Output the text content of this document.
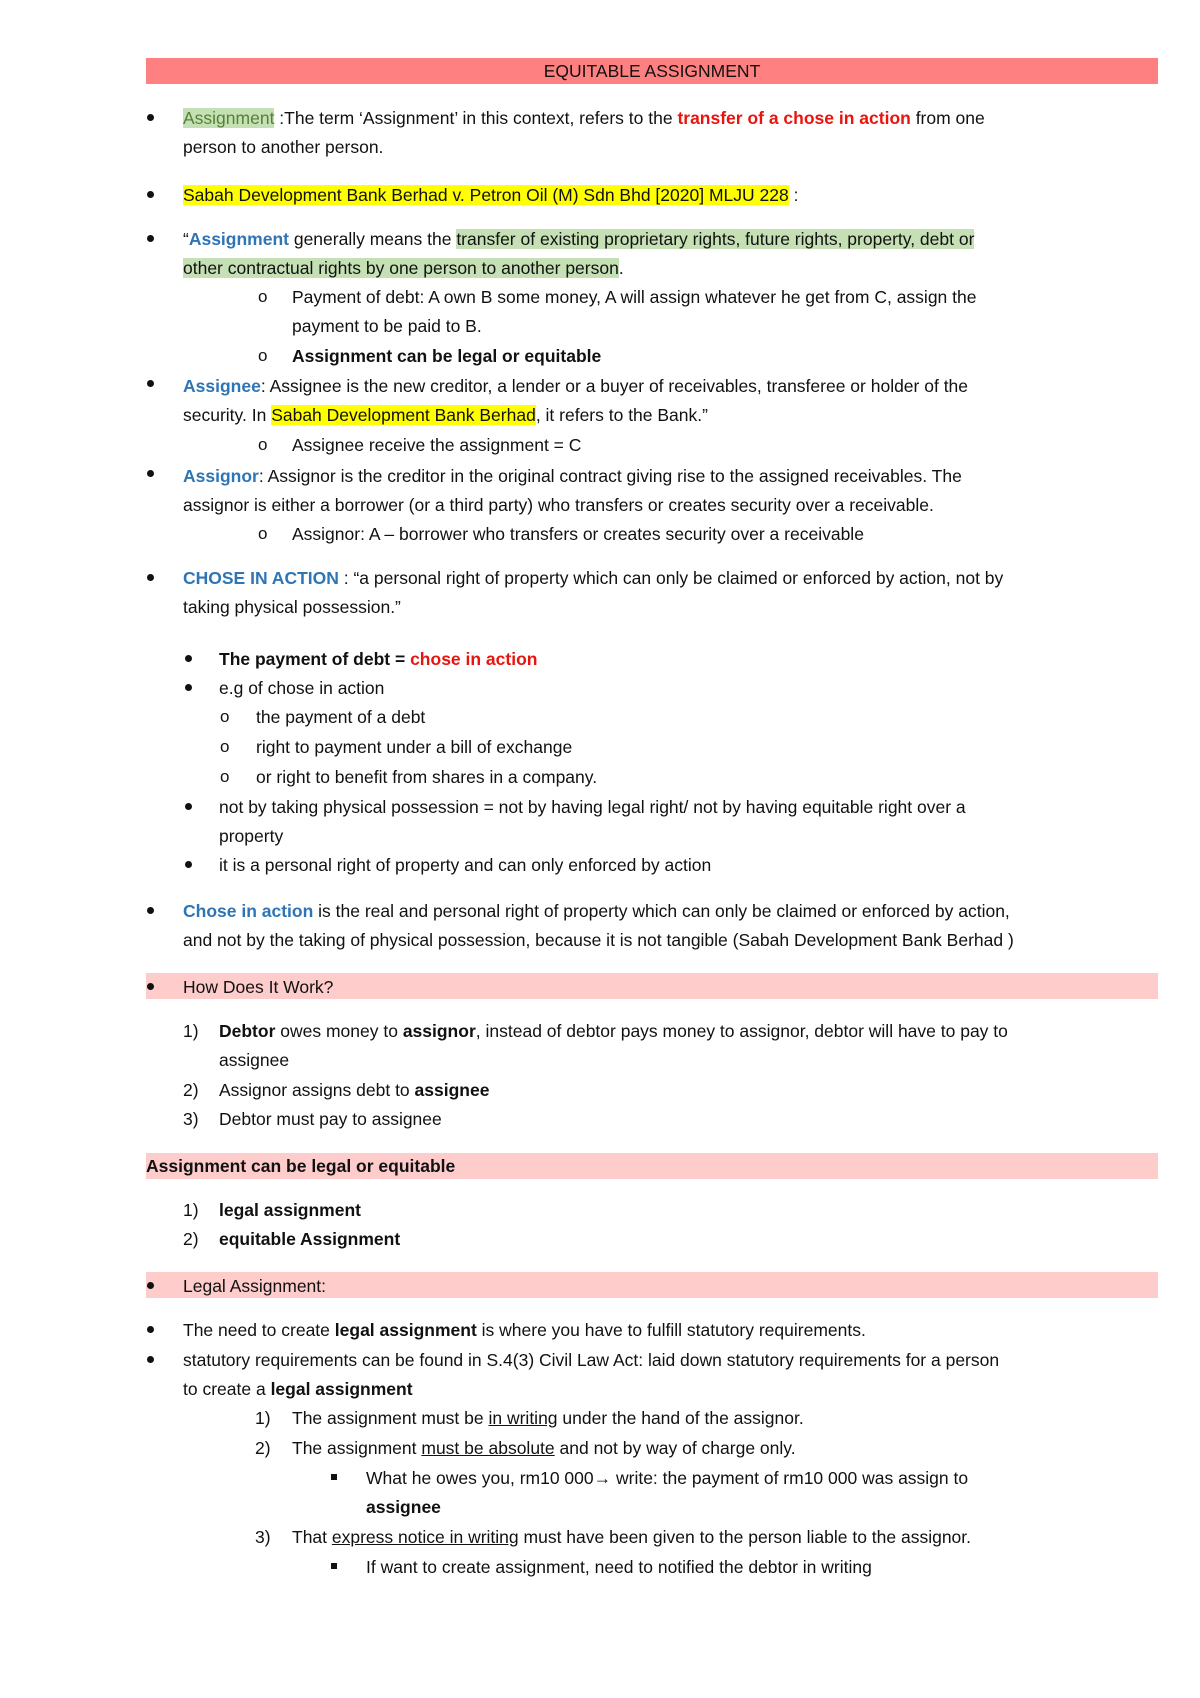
EQUITABLE ASSIGNMENT
Assignment :The term ‘Assignment’ in this context, refers to the transfer of a chose in action from one
person to another person.
Sabah Development Bank Berhad v. Petron Oil (M) Sdn Bhd [2020] MLJU 228 :
“Assignment generally means the transfer of existing proprietary rights, future rights, property, debt or
other contractual rights by one person to another person.
o Payment of debt: A own B some money, A will assign whatever he get from C, assign the
payment to be paid to B.
o Assignment can be legal or equitable
Assignee: Assignee is the new creditor, a lender or a buyer of receivables, transferee or holder of the
security. In Sabah Development Bank Berhad, it refers to the Bank.”
o Assignee receive the assignment = C
Assignor: Assignor is the creditor in the original contract giving rise to the assigned receivables. The
assignor is either a borrower (or a third party) who transfers or creates security over a receivable.
o Assignor: A – borrower who transfers or creates security over a receivable
CHOSE IN ACTION : “a personal right of property which can only be claimed or enforced by action, not by
taking physical possession.”
The payment of debt = chose in action
e.g of chose in action
o the payment of a debt
o right to payment under a bill of exchange
o or right to benefit from shares in a company.
not by taking physical possession = not by having legal right/ not by having equitable right over a
property
it is a personal right of property and can only enforced by action
Chose in action is the real and personal right of property which can only be claimed or enforced by action,
and not by the taking of physical possession, because it is not tangible (Sabah Development Bank Berhad )
How Does It Work?
1) Debtor owes money to assignor, instead of debtor pays money to assignor, debtor will have to pay to
assignee
2) Assignor assigns debt to assignee
3) Debtor must pay to assignee
Assignment can be legal or equitable
1) legal assignment
2) equitable Assignment
Legal Assignment:
The need to create legal assignment is where you have to fulfill statutory requirements.
statutory requirements can be found in S.4(3) Civil Law Act: laid down statutory requirements for a person
to create a legal assignment
1) The assignment must be in writing under the hand of the assignor.
2) The assignment must be absolute and not by way of charge only.
What he owes you, rm10 000→ write: the payment of rm10 000 was assign to
assignee
3) That express notice in writing must have been given to the person liable to the assignor.
If want to create assignment, need to notified the debtor in writing
